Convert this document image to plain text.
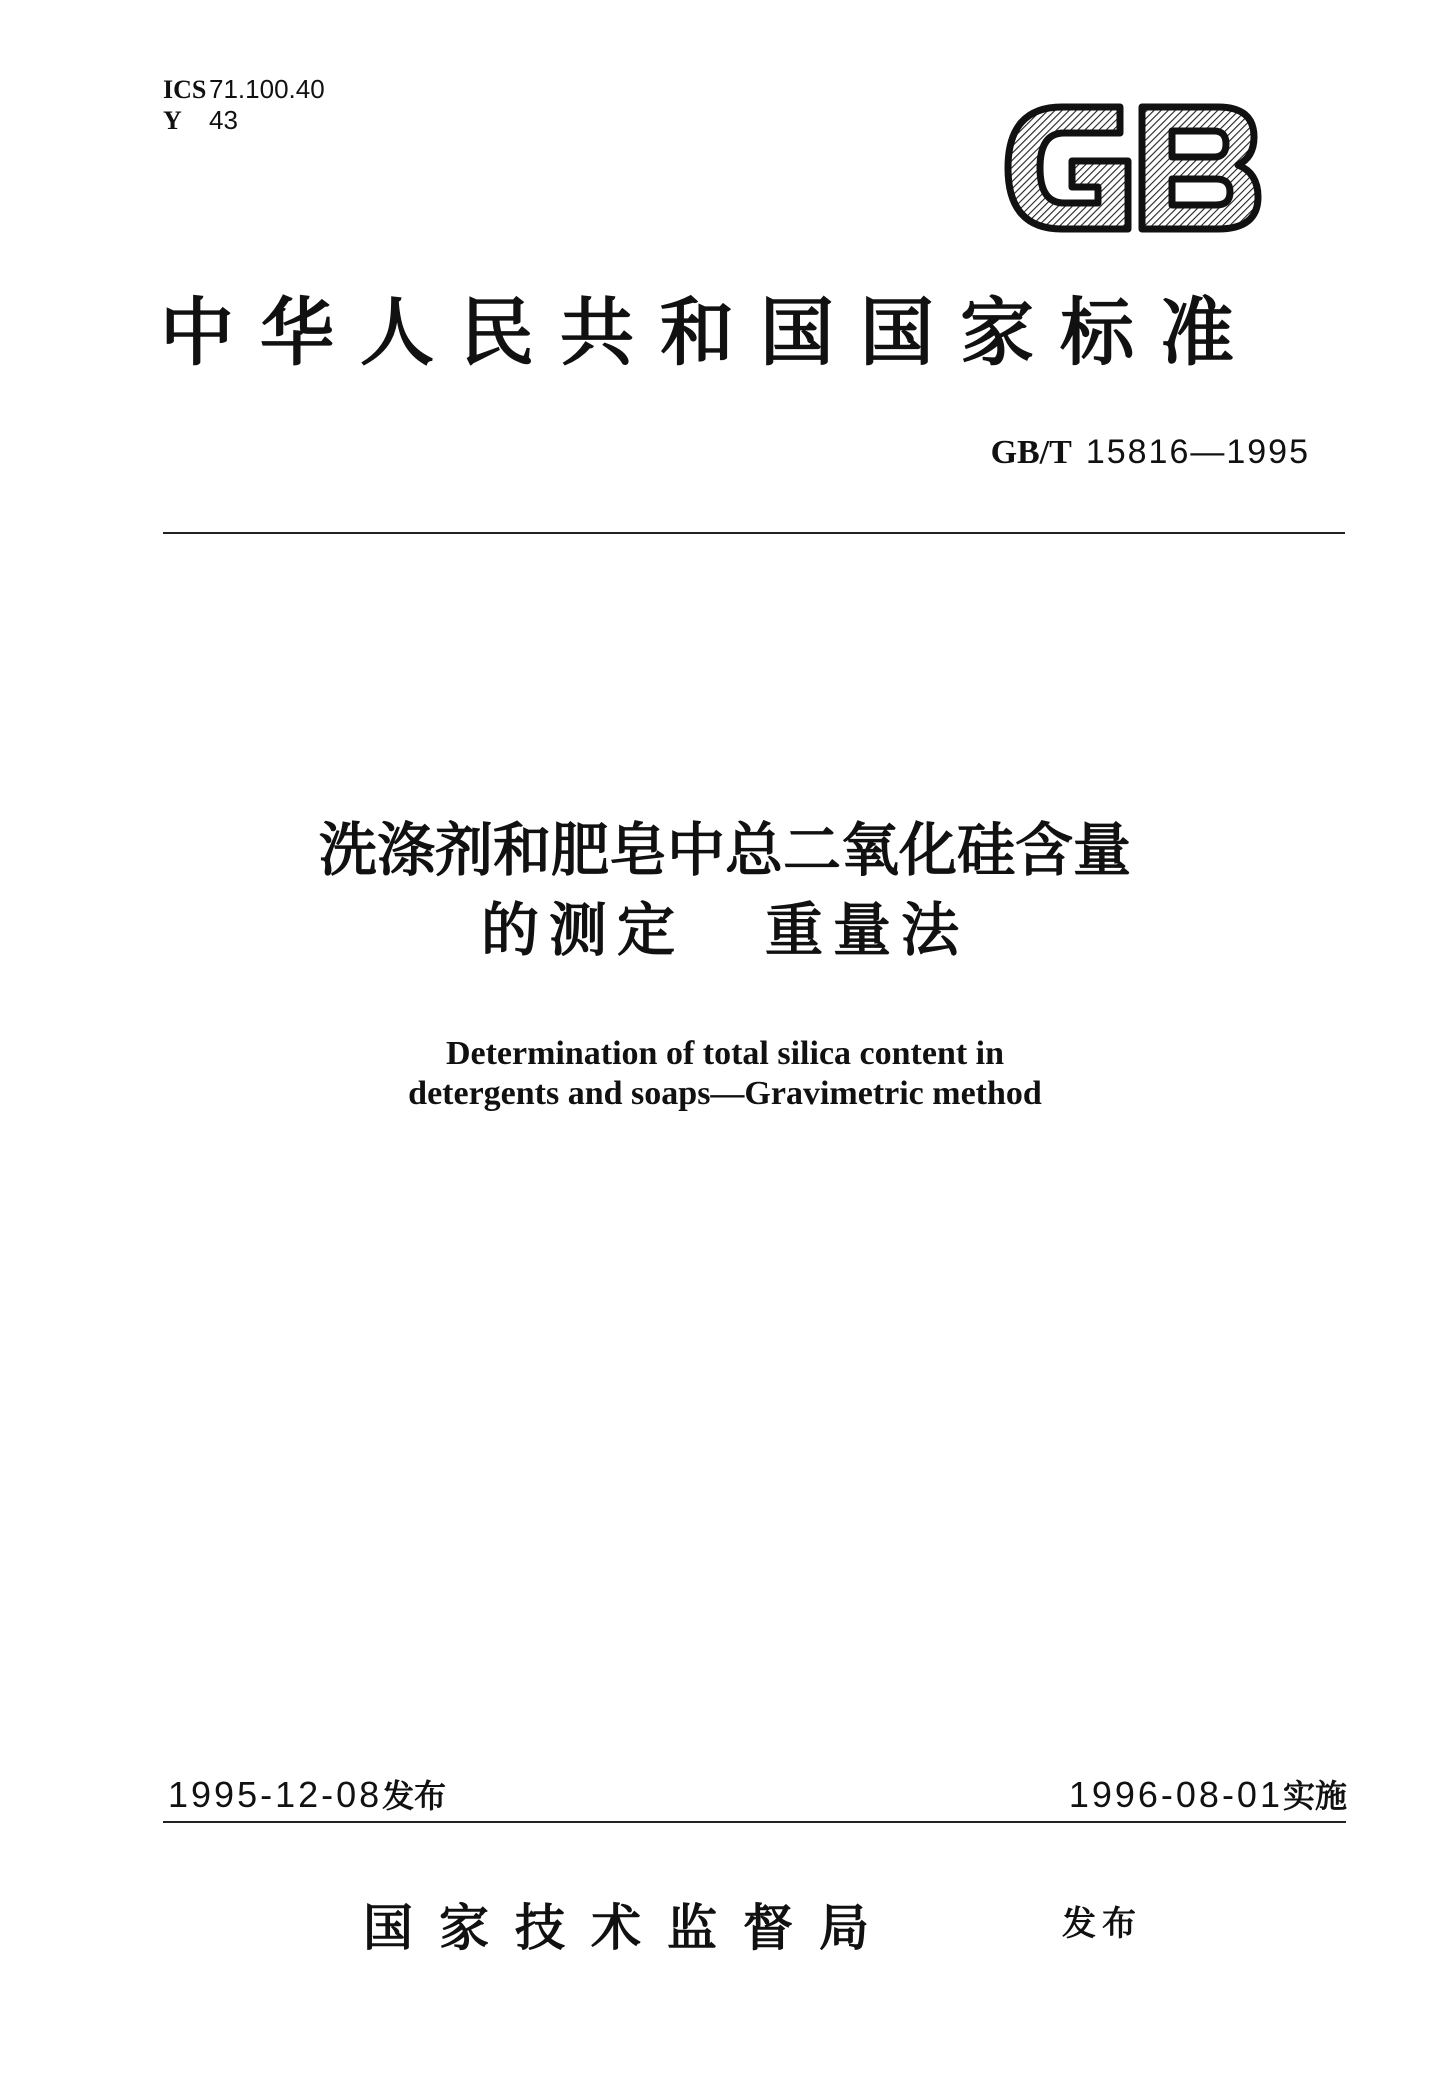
ICS 71.100.40
Y 43
中华人民共和国国家标准
GB/T 15816—1995
洗涤剂和肥皂中总二氧化硅含量
的测定 重量法
Determination of total silica content in
detergents and soaps—Gravimetric method
1995-12-08发布	1996-08-01实施
国家技术监督局	发布
